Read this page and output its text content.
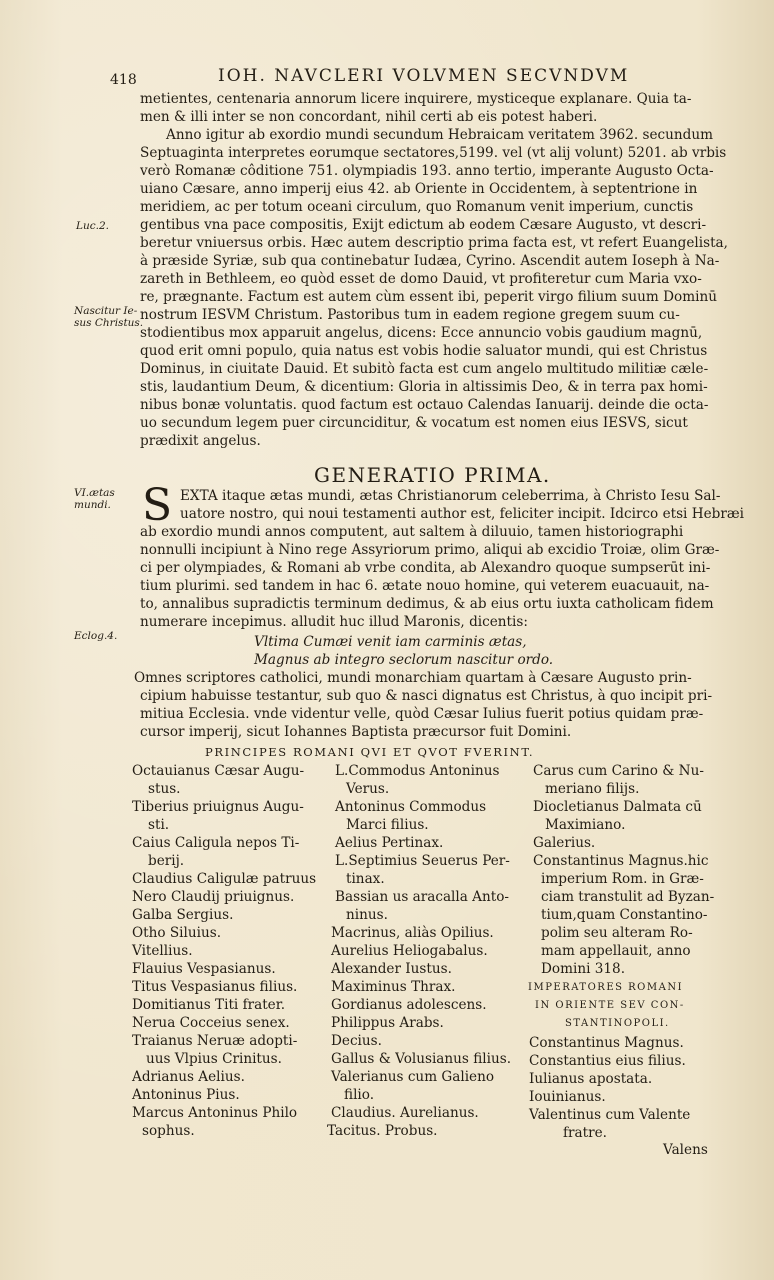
418	IOH. NAVCLERI VOLVMEN SECVNDVM
metientes, centenaria annorum licere inquirere, mysticeque explanare. Quia ta-
men & illi inter se non concordant, nihil certi ab eis potest haberi.
Anno igitur ab exordio mundi secundum Hebraicam veritatem 3962. secundum
Septuaginta interpretes eorumque sectatores,5199. vel (vt alij volunt) 5201. ab vrbis
verò Romanæ côditione 751. olympiadis 193. anno tertio, imperante Augusto Octa-
uiano Cæsare, anno imperij eius 42. ab Oriente in Occidentem, à septentrione in
meridiem, ac per totum oceani circulum, quo Romanum venit imperium, cunctis
gentibus vna pace compositis, Exijt edictum ab eodem Cæsare Augusto, vt descri-
beretur vniuersus orbis. Hæc autem descriptio prima facta est, vt refert Euangelista,
à præside Syriæ, sub qua continebatur Iudæa, Cyrino. Ascendit autem Ioseph à Na-
zareth in Bethleem, eo quòd esset de domo Dauid, vt profiteretur cum Maria vxo-
re, prægnante. Factum est autem cùm essent ibi, peperit virgo filium suum Dominū
nostrum IESVM Christum. Pastoribus tum in eadem regione gregem suum cu-
stodientibus mox apparuit angelus, dicens: Ecce annuncio vobis gaudium magnū,
quod erit omni populo, quia natus est vobis hodie saluator mundi, qui est Christus
Dominus, in ciuitate Dauid. Et subitò facta est cum angelo multitudo militiæ cæle-
stis, laudantium Deum, & dicentium: Gloria in altissimis Deo, & in terra pax homi-
nibus bonæ voluntatis. quod factum est octauo Calendas Ianuarij. deinde die octa-
uo secundum legem puer circunciditur, & vocatum est nomen eius IESVS, sicut
prædixit angelus.
Luc.2.
Nascitur Ie-
sus Christus.
VI.ætas
mundi.
Eclog.4.
GENERATIO PRIMA.
S EXTA itaque ætas mundi, ætas Christianorum celeberrima, à Christo Iesu Sal-
uatore nostro, qui noui testamenti author est, feliciter incipit. Idcirco etsi Hebræi
ab exordio mundi annos computent, aut saltem à diluuio, tamen historiographi
nonnulli incipiunt à Nino rege Assyriorum primo, aliqui ab excidio Troiæ, olim Græ-
ci per olympiades, & Romani ab vrbe condita, ab Alexandro quoque sumpserūt ini-
tium plurimi. sed tandem in hac 6. ætate nouo homine, qui veterem euacuauit, na-
to, annalibus supradictis terminum dedimus, & ab eius ortu iuxta catholicam fidem
numerare incepimus. alludit huc illud Maronis, dicentis:
Vltima Cumæi venit iam carminis ætas,
Magnus ab integro seclorum nascitur ordo.
Omnes scriptores catholici, mundi monarchiam quartam à Cæsare Augusto prin-
cipium habuisse testantur, sub quo & nasci dignatus est Christus, à quo incipit pri-
mitiua Ecclesia. vnde videntur velle, quòd Cæsar Iulius fuerit potius quidam præ-
cursor imperij, sicut Iohannes Baptista præcursor fuit Domini.
PRINCIPES ROMANI QVI ET QVOT FVERINT.
Octauianus Cæsar Augu-
stus.
Tiberius priuignus Augu-
sti.
Caius Caligula nepos Ti-
berij.
Claudius Caligulæ patruus
Nero Claudij priuignus.
Galba Sergius.
Otho Siluius.
Vitellius.
Flauius Vespasianus.
Titus Vespasianus filius.
Domitianus Titi frater.
Nerua Cocceius senex.
Traianus Neruæ adopti-
uus Vlpius Crinitus.
Adrianus Aelius.
Antoninus Pius.
Marcus Antoninus Philo
sophus.
L.Commodus Antoninus
Verus.
Antoninus Commodus
Marci filius.
Aelius Pertinax.
L.Septimius Seuerus Per-
tinax.
Bassian us aracalla Anto-
ninus.
Macrinus, aliàs Opilius.
Aurelius Heliogabalus.
Alexander Iustus.
Maximinus Thrax.
Gordianus adolescens.
Philippus Arabs.
Decius.
Gallus & Volusianus filius.
Valerianus cum Galieno
filio.
Claudius. Aurelianus.
Tacitus. Probus.
Carus cum Carino & Nu-
meriano filijs.
Diocletianus Dalmata cū
Maximiano.
Galerius.
Constantinus Magnus.hic
imperium Rom. in Græ-
ciam transtulit ad Byzan-
tium,quam Constantino-
polim seu alteram Ro-
mam appellauit, anno
Domini 318.
IMPERATORES ROMANI
IN ORIENTE SEV CON-
STANTINOPOLI.
Constantinus Magnus.
Constantius eius filius.
Iulianus apostata.
Iouinianus.
Valentinus cum Valente
fratre.
Valens
